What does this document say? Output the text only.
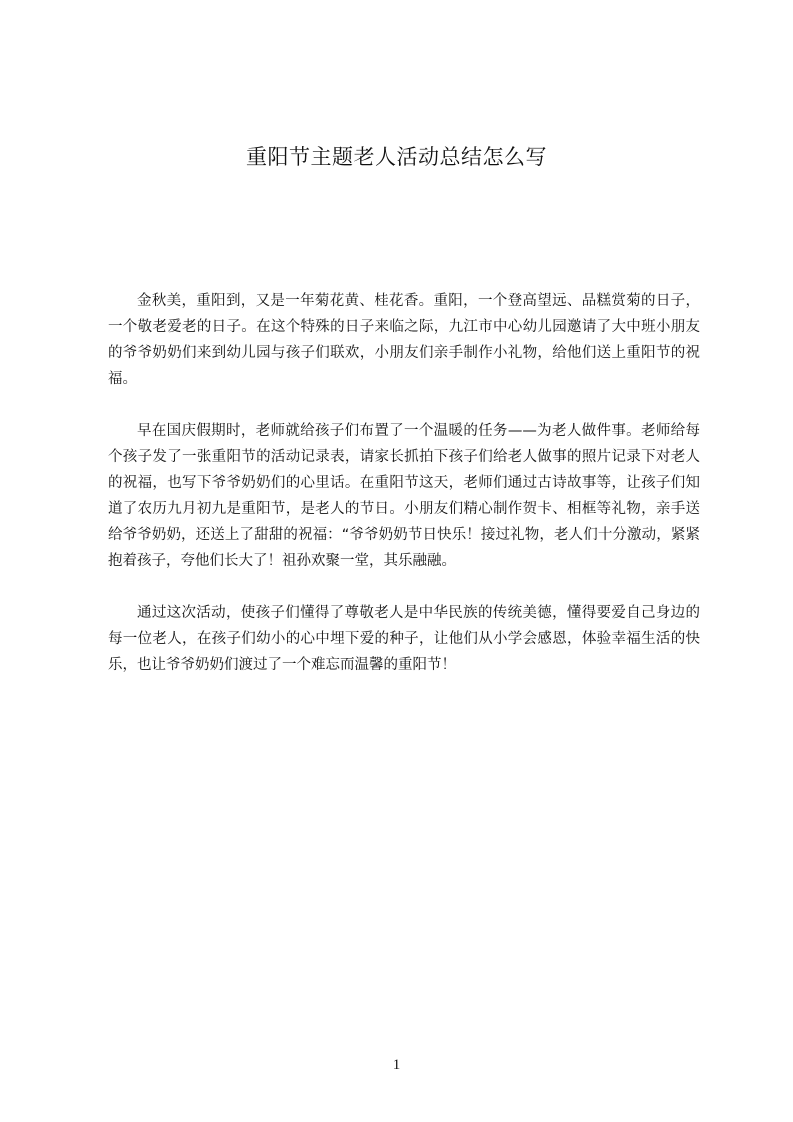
重阳节主题老人活动总结怎么写

金秋美，重阳到，又是一年菊花黄、桂花香。重阳，一个登高望远、品糕赏菊的日子，一个敬老爱老的日子。在这个特殊的日子来临之际，九江市中心幼儿园邀请了大中班小朋友的爷爷奶奶们来到幼儿园与孩子们联欢，小朋友们亲手制作小礼物，给他们送上重阳节的祝福。

早在国庆假期时，老师就给孩子们布置了一个温暖的任务——为老人做件事。老师给每个孩子发了一张重阳节的活动记录表，请家长抓拍下孩子们给老人做事的照片记录下对老人的祝福，也写下爷爷奶奶们的心里话。在重阳节这天，老师们通过古诗故事等，让孩子们知道了农历九月初九是重阳节，是老人的节日。小朋友们精心制作贺卡、相框等礼物，亲手送给爷爷奶奶，还送上了甜甜的祝福：“爷爷奶奶节日快乐！接过礼物，老人们十分激动，紧紧抱着孩子，夸他们长大了！祖孙欢聚一堂，其乐融融。

通过这次活动，使孩子们懂得了尊敬老人是中华民族的传统美德，懂得要爱自己身边的每一位老人，在孩子们幼小的心中埋下爱的种子，让他们从小学会感恩，体验幸福生活的快乐，也让爷爷奶奶们渡过了一个难忘而温馨的重阳节！

1
